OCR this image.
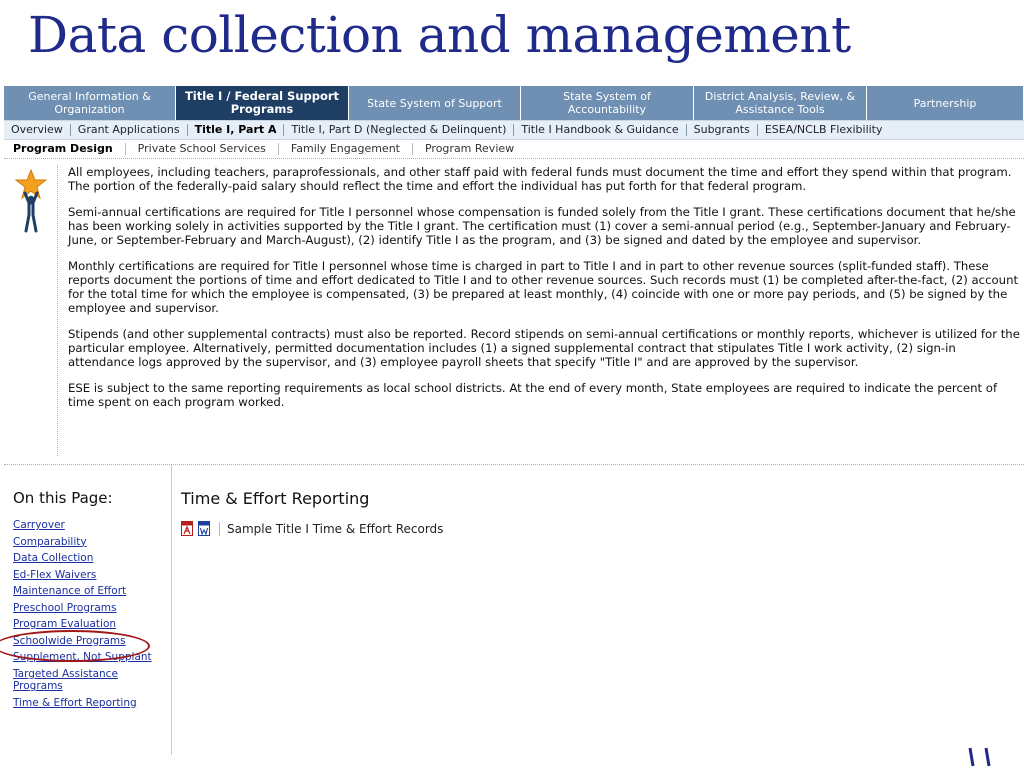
Data collection and management
General Information & Organization
Title I / Federal Support Programs	State System of Support	State System of Accountability
District Analysis, Review, & Assistance Tools	Partnership
Overview	Grant Applications	Title I, Part A	Title I, Part D (Neglected & Delinquent)	Title I Handbook & Guidance	Subgrants	ESEA/NCLB Flexibility
Program Design	Private School Services	Family Engagement	Program Review

All employees, including teachers, paraprofessionals, and other staff paid with federal funds must document the time and effort they spend within that program. The portion of the federally-paid salary should reflect the time and effort the individual has put forth for that federal program.

Semi-annual certifications are required for Title I personnel whose compensation is funded solely from the Title I grant. These certifications document that he/she has been working solely in activities supported by the Title I grant. The certification must (1) cover a semi-annual period (e.g., September-January and February-June, or September-February and March-August), (2) identify Title I as the program, and (3) be signed and dated by the employee and supervisor.

Monthly certifications are required for Title I personnel whose time is charged in part to Title I and in part to other revenue sources (split-funded staff). These reports document the portions of time and effort dedicated to Title I and to other revenue sources. Such records must (1) be completed after-the-fact, (2) account for the total time for which the employee is compensated, (3) be prepared at least monthly, (4) coincide with one or more pay periods, and (5) be signed by the employee and supervisor.

Stipends (and other supplemental contracts) must also be reported. Record stipends on semi-annual certifications or monthly reports, whichever is utilized for the particular employee. Alternatively, permitted documentation includes (1) a signed supplemental contract that stipulates Title I work activity, (2) sign-in attendance logs approved by the supervisor, and (3) employee payroll sheets that specify "Title I" and are approved by the supervisor.

ESE is subject to the same reporting requirements as local school districts. At the end of every month, State employees are required to indicate the percent of time spent on each program worked.

On this Page:
Carryover
Comparability
Data Collection
Ed-Flex Waivers
Maintenance of Effort
Preschool Programs
Program Evaluation
Schoolwide Programs
Supplement, Not Supplant
Targeted Assistance Programs
Time & Effort Reporting
Time & Effort Reporting
Sample Title I Time & Effort Records
